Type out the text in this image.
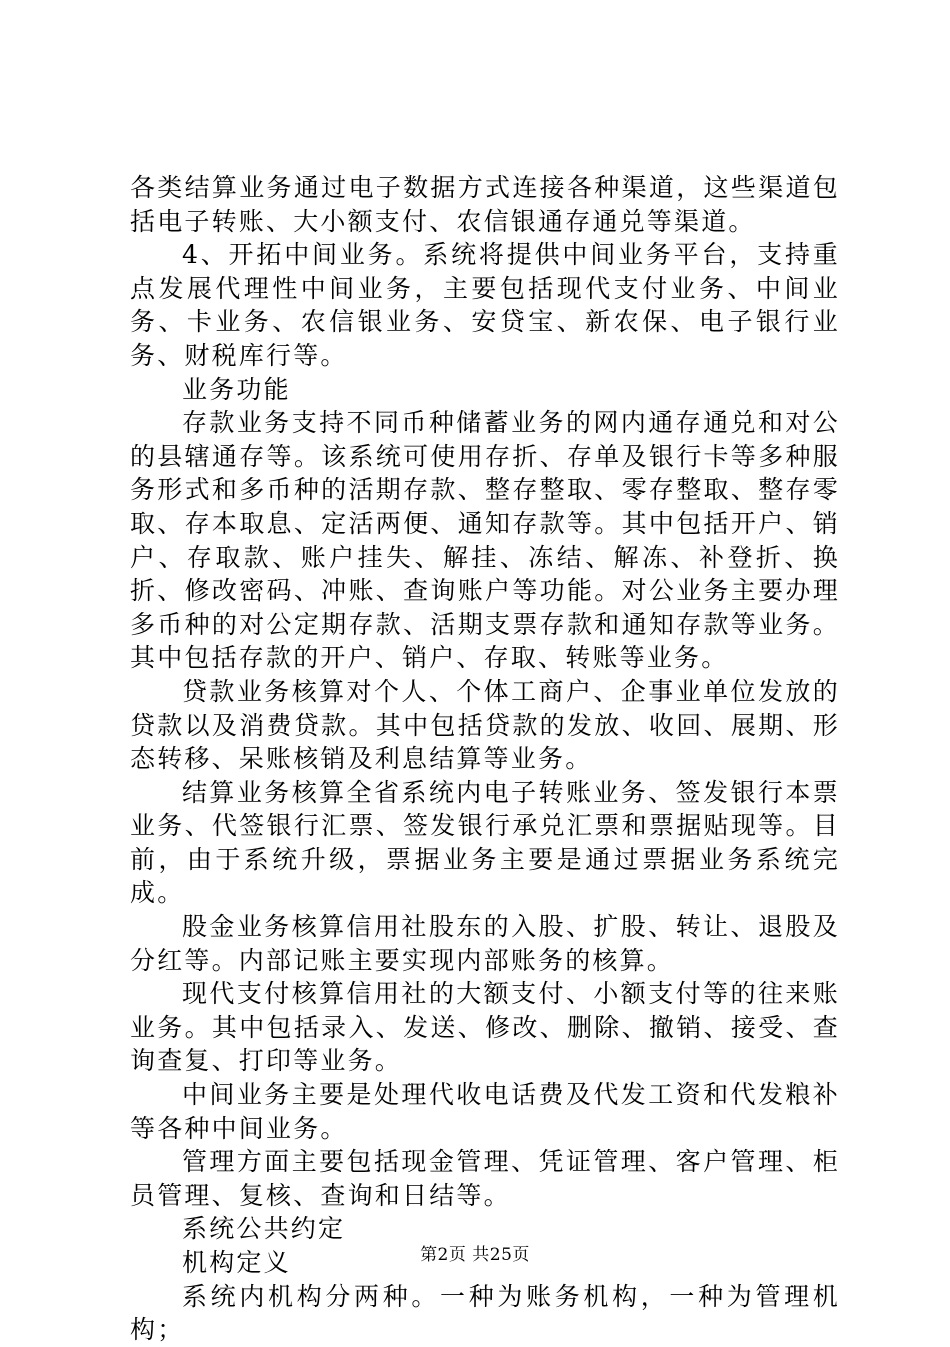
各类结算业务通过电子数据方式连接各种渠道，这些渠道包括电子转账、大小额支付、农信银通存通兑等渠道。

4、开拓中间业务。系统将提供中间业务平台，支持重点发展代理性中间业务，主要包括现代支付业务、中间业务、卡业务、农信银业务、安贷宝、新农保、电子银行业务、财税库行等。

业务功能

存款业务支持不同币种储蓄业务的网内通存通兑和对公的县辖通存等。该系统可使用存折、存单及银行卡等多种服务形式和多币种的活期存款、整存整取、零存整取、整存零取、存本取息、定活两便、通知存款等。其中包括开户、销户、存取款、账户挂失、解挂、冻结、解冻、补登折、换折、修改密码、冲账、查询账户等功能。对公业务主要办理多币种的对公定期存款、活期支票存款和通知存款等业务。其中包括存款的开户、销户、存取、转账等业务。

贷款业务核算对个人、个体工商户、企事业单位发放的贷款以及消费贷款。其中包括贷款的发放、收回、展期、形态转移、呆账核销及利息结算等业务。

结算业务核算全省系统内电子转账业务、签发银行本票业务、代签银行汇票、签发银行承兑汇票和票据贴现等。目前，由于系统升级，票据业务主要是通过票据业务系统完成。

股金业务核算信用社股东的入股、扩股、转让、退股及分红等。内部记账主要实现内部账务的核算。

现代支付核算信用社的大额支付、小额支付等的往来账业务。其中包括录入、发送、修改、删除、撤销、接受、查询查复、打印等业务。

中间业务主要是处理代收电话费及代发工资和代发粮补等各种中间业务。

管理方面主要包括现金管理、凭证管理、客户管理、柜员管理、复核、查询和日结等。

系统公共约定

机构定义

系统内机构分两种。一种为账务机构，一种为管理机构；

第2页 共25页
